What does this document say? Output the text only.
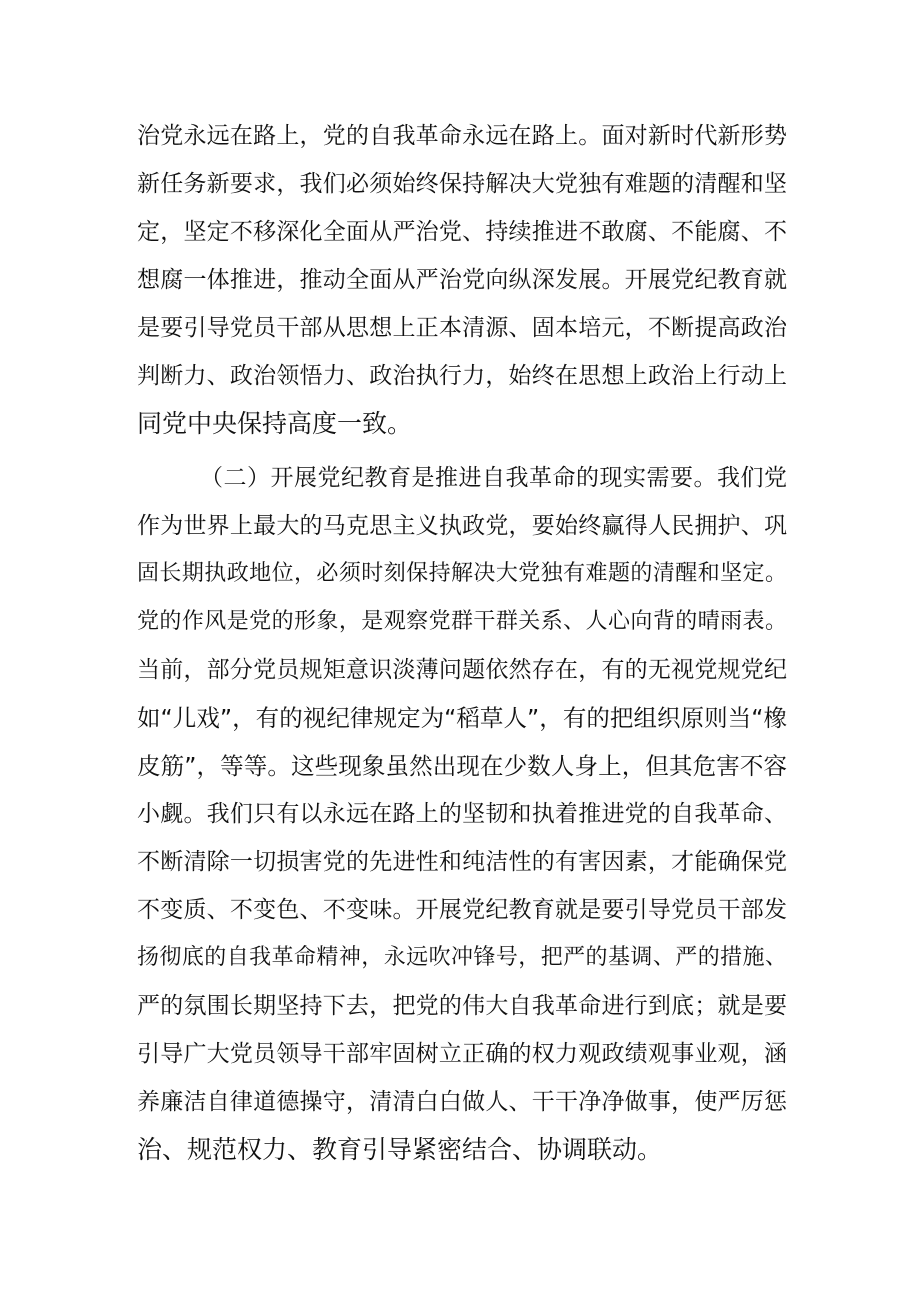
治党永远在路上，党的自我革命永远在路上。面对新时代新形势
新任务新要求，我们必须始终保持解决大党独有难题的清醒和坚
定，坚定不移深化全面从严治党、持续推进不敢腐、不能腐、不
想腐一体推进，推动全面从严治党向纵深发展。开展党纪教育就
是要引导党员干部从思想上正本清源、固本培元，不断提高政治
判断力、政治领悟力、政治执行力，始终在思想上政治上行动上
同党中央保持高度一致。
（二）开展党纪教育是推进自我革命的现实需要。我们党
作为世界上最大的马克思主义执政党，要始终赢得人民拥护、巩
固长期执政地位，必须时刻保持解决大党独有难题的清醒和坚定。
党的作风是党的形象，是观察党群干群关系、人心向背的晴雨表。
当前，部分党员规矩意识淡薄问题依然存在，有的无视党规党纪
如“儿戏”，有的视纪律规定为“稻草人”，有的把组织原则当“橡
皮筋”，等等。这些现象虽然出现在少数人身上，但其危害不容
小觑。我们只有以永远在路上的坚韧和执着推进党的自我革命、
不断清除一切损害党的先进性和纯洁性的有害因素，才能确保党
不变质、不变色、不变味。开展党纪教育就是要引导党员干部发
扬彻底的自我革命精神，永远吹冲锋号，把严的基调、严的措施、
严的氛围长期坚持下去，把党的伟大自我革命进行到底；就是要
引导广大党员领导干部牢固树立正确的权力观政绩观事业观，涵
养廉洁自律道德操守，清清白白做人、干干净净做事，使严厉惩
治、规范权力、教育引导紧密结合、协调联动。
